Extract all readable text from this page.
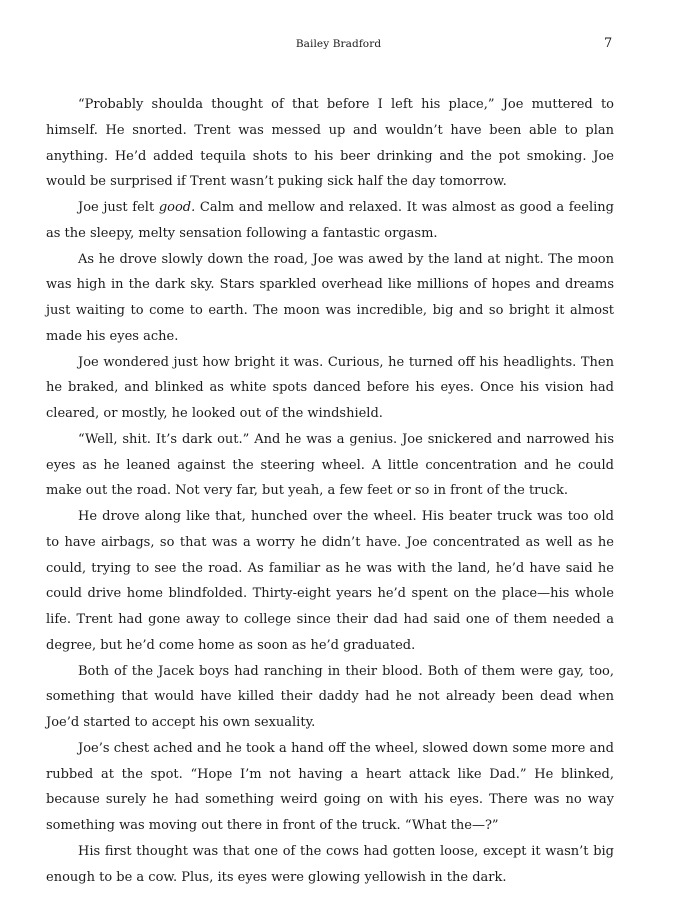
Bailey Bradford	7

“Probably shoulda thought of that before I left his place,” Joe muttered to himself. He snorted. Trent was messed up and wouldn’t have been able to plan anything. He’d added tequila shots to his beer drinking and the pot smoking. Joe would be surprised if Trent wasn’t puking sick half the day tomorrow.

Joe just felt good. Calm and mellow and relaxed. It was almost as good a feeling as the sleepy, melty sensation following a fantastic orgasm.

As he drove slowly down the road, Joe was awed by the land at night. The moon was high in the dark sky. Stars sparkled overhead like millions of hopes and dreams just waiting to come to earth. The moon was incredible, big and so bright it almost made his eyes ache.

Joe wondered just how bright it was. Curious, he turned off his headlights. Then he braked, and blinked as white spots danced before his eyes. Once his vision had cleared, or mostly, he looked out of the windshield.

“Well, shit. It’s dark out.” And he was a genius. Joe snickered and narrowed his eyes as he leaned against the steering wheel. A little concentration and he could make out the road. Not very far, but yeah, a few feet or so in front of the truck.

He drove along like that, hunched over the wheel. His beater truck was too old to have airbags, so that was a worry he didn’t have. Joe concentrated as well as he could, trying to see the road. As familiar as he was with the land, he’d have said he could drive home blindfolded. Thirty-eight years he’d spent on the place—his whole life. Trent had gone away to college since their dad had said one of them needed a degree, but he’d come home as soon as he’d graduated.

Both of the Jacek boys had ranching in their blood. Both of them were gay, too, something that would have killed their daddy had he not already been dead when Joe’d started to accept his own sexuality.

Joe’s chest ached and he took a hand off the wheel, slowed down some more and rubbed at the spot. “Hope I’m not having a heart attack like Dad.” He blinked, because surely he had something weird going on with his eyes. There was no way something was moving out there in front of the truck. “What the—?”

His first thought was that one of the cows had gotten loose, except it wasn’t big enough to be a cow. Plus, its eyes were glowing yellowish in the dark.
